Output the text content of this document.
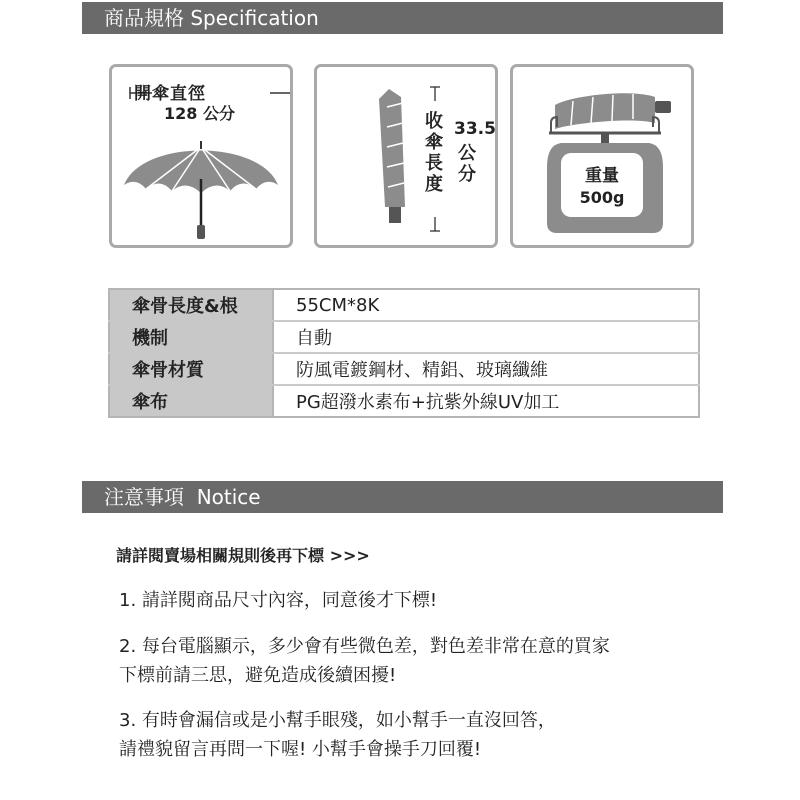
商品規格 Specification
開傘直徑
128 公分	收傘長度
33.5
公分	重量
500g
傘骨長度&根	55CM*8K
機制	自動
傘骨材質	防風電鍍鋼材、精鋁、玻璃纖維
傘布	PG超潑水素布+抗紫外線UV加工
注意事項  Notice
請詳閱賣場相關規則後再下標 >>>
1. 請詳閱商品尺寸內容，同意後才下標!
2. 每台電腦顯示，多少會有些微色差，對色差非常在意的買家
下標前請三思，避免造成後續困擾!
3. 有時會漏信或是小幫手眼殘，如小幫手一直沒回答，
請禮貌留言再問一下喔! 小幫手會操手刀回覆!
